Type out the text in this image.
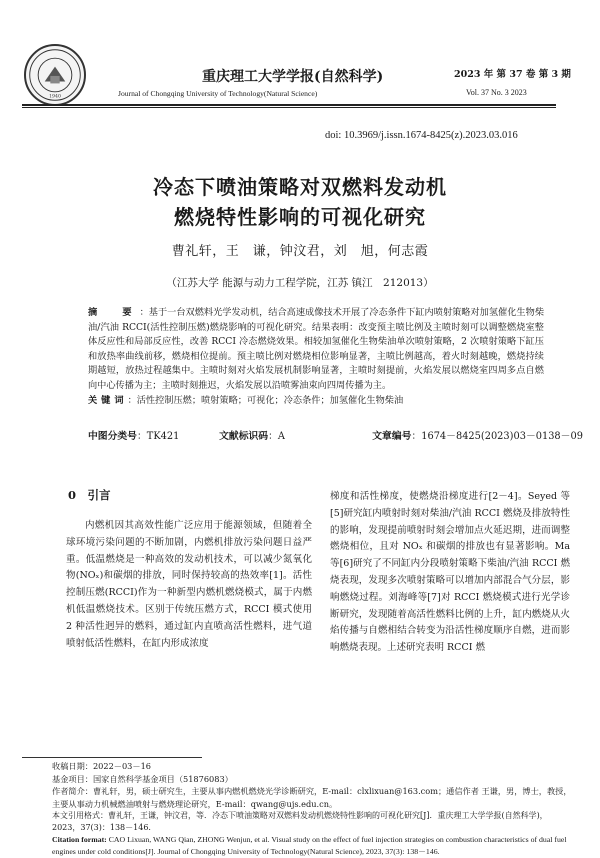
1940
重庆理工大学学报(自然科学)
Journal of Chongqing University of Technology(Natural Science)
2023 年 第 37 卷 第 3 期
Vol. 37 No. 3 2023
doi: 10.3969/j.issn.1674-8425(z).2023.03.016
冷态下喷油策略对双燃料发动机
燃烧特性影响的可视化研究
曹礼轩，王　谦，钟汶君，刘　旭，何志霞
（江苏大学 能源与动力工程学院，江苏 镇江　212013）
摘　要：基于一台双燃料光学发动机，结合高速成像技术开展了冷态条件下缸内喷射策略对加氢催化生物柴油/汽油 RCCI(活性控制压燃)燃烧影响的可视化研究。结果表明：改变预主喷比例及主喷时刻可以调整燃烧室整体反应性和局部反应性，改善 RCCI 冷态燃烧效果。相较加氢催化生物柴油单次喷射策略，2 次喷射策略下缸压和放热率曲线前移，燃烧相位提前。预主喷比例对燃烧相位影响显著，主喷比例越高，着火时刻越晚，燃烧持续期越短，放热过程越集中。主喷时刻对火焰发展机制影响显著，主喷时刻提前，火焰发展以燃烧室四周多点自燃向中心传播为主；主喷时刻推迟，火焰发展以沿喷雾油束向四周传播为主。
关键词：活性控制压燃；喷射策略；可视化；冷态条件；加氢催化生物柴油
中图分类号：TK421	文献标识码：A	文章编号：1674－8425(2023)03－0138－09
0　引言

内燃机因其高效性能广泛应用于能源领域，但随着全球环境污染问题的不断加剧，内燃机排放污染问题日益严重。低温燃烧是一种高效的发动机技术，可以减少氮氧化物(NOₓ)和碳烟的排放，同时保持较高的热效率[1]。活性控制压燃(RCCI)作为一种新型内燃机燃烧模式，属于内燃机低温燃烧技术。区别于传统压燃方式，RCCI 模式使用 2 种活性迥异的燃料，通过缸内直喷高活性燃料，进气道喷射低活性燃料，在缸内形成浓度

梯度和活性梯度，使燃烧沿梯度进行[2－4]。Seyed 等[5]研究缸内喷射时刻对柴油/汽油 RCCI 燃烧及排放特性的影响，发现提前喷射时刻会增加点火延迟期，进而调整燃烧相位，且对 NOₓ 和碳烟的排放也有显著影响。Ma 等[6]研究了不同缸内分段喷射策略下柴油/汽油 RCCI 燃烧表现，发现多次喷射策略可以增加内部混合气分层，影响燃烧过程。刘海峰等[7]对 RCCI 燃烧模式进行光学诊断研究，发现随着高活性燃料比例的上升，缸内燃烧从火焰传播与自燃相结合转变为沿活性梯度顺序自燃，进而影响燃烧表现。上述研究表明 RCCI 燃

收稿日期：2022－03－16
基金项目：国家自然科学基金项目（51876083）
作者简介：曹礼轩，男，硕士研究生，主要从事内燃机燃烧光学诊断研究，E-mail：clxlixuan@163.com；通信作者 王谦，男，博士，教授，主要从事动力机械燃油喷射与燃烧理论研究，E-mail：qwang@ujs.edu.cn。
本文引用格式：曹礼轩，王谦，钟汶君，等．冷态下喷油策略对双燃料发动机燃烧特性影响的可视化研究[J]．重庆理工大学学报(自然科学)，2023，37(3)：138－146.
Citation format: CAO Lixuan, WANG Qian, ZHONG Wenjun, et al. Visual study on the effect of fuel injection strategies on combustion characteristics of dual fuel engines under cold conditions[J]. Journal of Chongqing University of Technology(Natural Science), 2023, 37(3): 138－146.
